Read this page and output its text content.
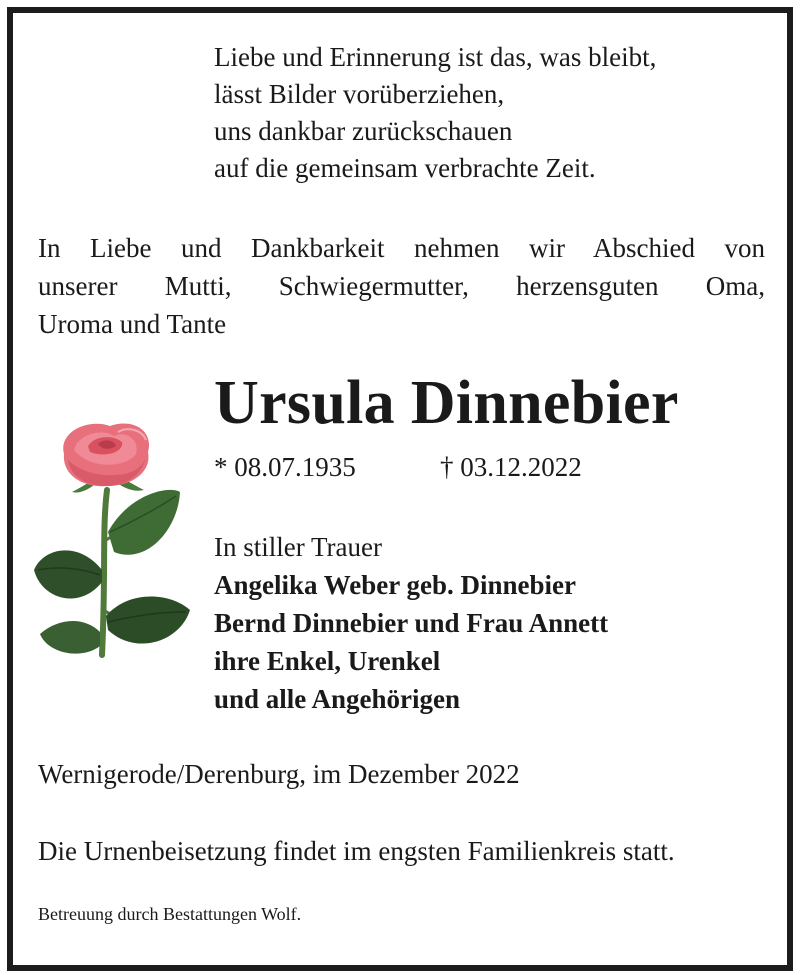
Liebe und Erinnerung ist das, was bleibt,
lässt Bilder vorüberziehen,
uns dankbar zurückschauen
auf die gemeinsam verbrachte Zeit.
In Liebe und Dankbarkeit nehmen wir Abschied von
unserer Mutti, Schwiegermutter, herzensguten Oma,
Uroma und Tante
Ursula Dinnebier
* 08.07.1935	† 03.12.2022
In stiller Trauer
Angelika Weber geb. Dinnebier
Bernd Dinnebier und Frau Annett
ihre Enkel, Urenkel
und alle Angehörigen
Wernigerode/Derenburg, im Dezember 2022
Die Urnenbeisetzung findet im engsten Familienkreis statt.
Betreuung durch Bestattungen Wolf.
